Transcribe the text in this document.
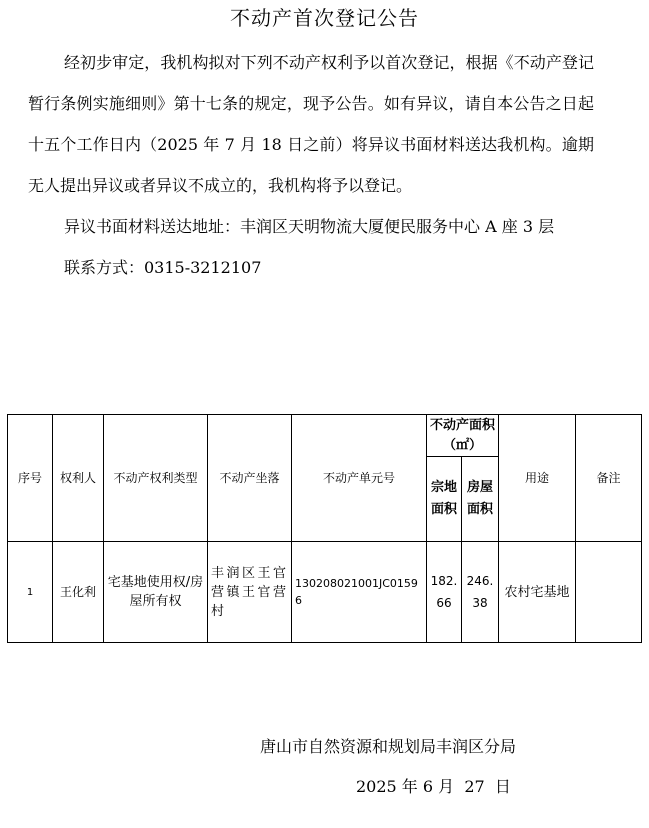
不动产首次登记公告

经初步审定，我机构拟对下列不动产权利予以首次登记，根据《不动产登记暂行条例实施细则》第十七条的规定，现予公告。如有异议，请自本公告之日起十五个工作日内（2025 年 7 月 18 日之前）将异议书面材料送达我机构。逾期无人提出异议或者异议不成立的，我机构将予以登记。

异议书面材料送达地址：丰润区天明物流大厦便民服务中心 A 座 3 层

联系方式：0315-3212107

序号	权利人	不动产权利类型	不动产坐落	不动产单元号	不动产面积（㎡）		用途	备注
					宗地面积	房屋面积		
1	王化利	宅基地使用权/房屋所有权	丰润区王官营镇王官营村	130208021001JC01596	182.66	246.38	农村宅基地	
唐山市自然资源和规划局丰润区分局
2025 年 6 月  27  日
